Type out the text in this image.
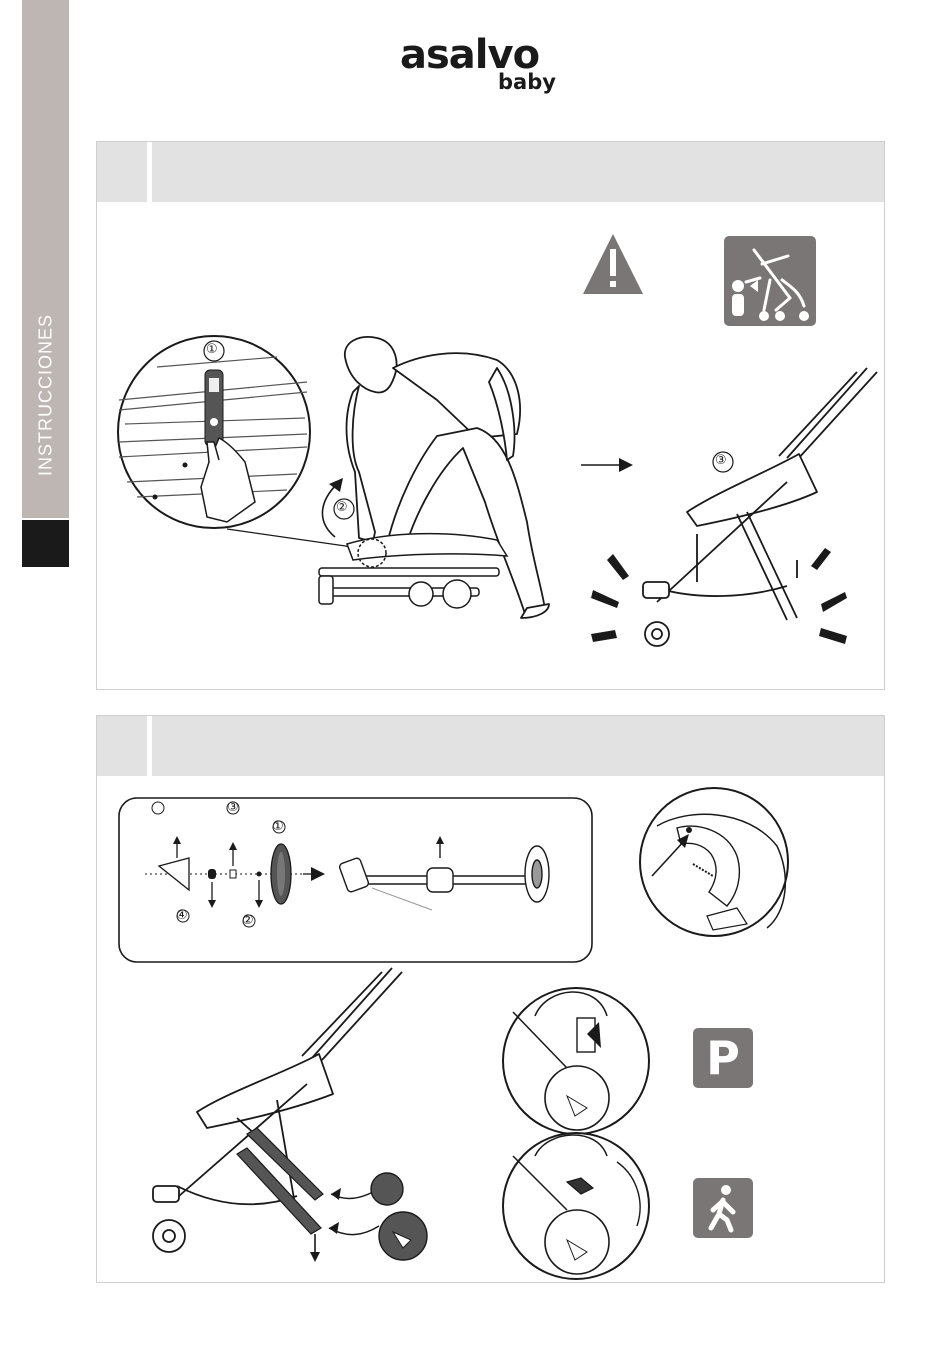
INSTRUCCIONES
asalvo
baby
①
②
③
③
①
④	②
P
